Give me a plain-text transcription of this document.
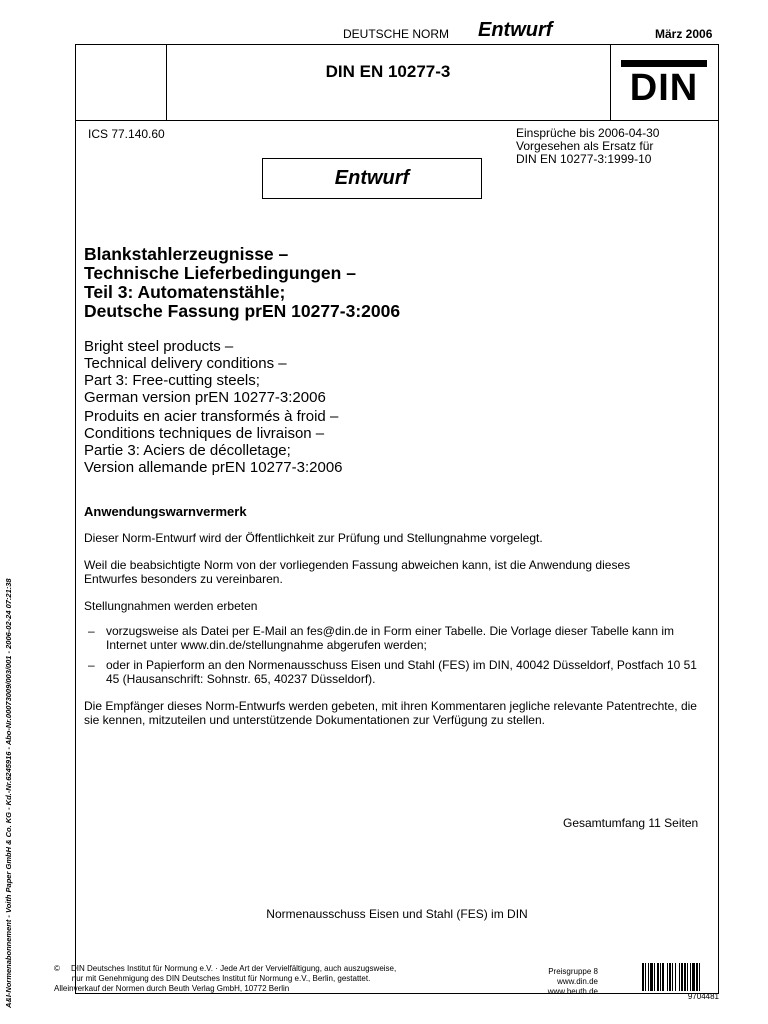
DEUTSCHE NORM Entwurf	März 2006
DIN EN 10277-3	DIN
ICS 77.140.60	Einsprüche bis 2006-04-30
Vorgesehen als Ersatz für
DIN EN 10277-3:1999-10
Entwurf
Blankstahlerzeugnisse –
Technische Lieferbedingungen –
Teil 3: Automatenstähle;
Deutsche Fassung prEN 10277-3:2006
Bright steel products –
Technical delivery conditions –
Part 3: Free-cutting steels;
German version prEN 10277-3:2006
Produits en acier transformés à froid –
Conditions techniques de livraison –
Partie 3: Aciers de décolletage;
Version allemande prEN 10277-3:2006
Anwendungswarnvermerk
Dieser Norm-Entwurf wird der Öffentlichkeit zur Prüfung und Stellungnahme vorgelegt.
Weil die beabsichtigte Norm von der vorliegenden Fassung abweichen kann, ist die Anwendung dieses Entwurfes besonders zu vereinbaren.
Stellungnahmen werden erbeten
– vorzugsweise als Datei per E-Mail an fes@din.de in Form einer Tabelle. Die Vorlage dieser Tabelle kann im Internet unter www.din.de/stellungnahme abgerufen werden;
– oder in Papierform an den Normenausschuss Eisen und Stahl (FES) im DIN, 40042 Düsseldorf, Postfach 10 51 45 (Hausanschrift: Sohnstr. 65, 40237 Düsseldorf).
Die Empfänger dieses Norm-Entwurfs werden gebeten, mit ihren Kommentaren jegliche relevante Patentrechte, die sie kennen, mitzuteilen und unterstützende Dokumentationen zur Verfügung zu stellen.
Gesamtumfang 11 Seiten
Normenausschuss Eisen und Stahl (FES) im DIN
©     DIN Deutsches Institut für Normung e.V. · Jede Art der Vervielfältigung, auch auszugsweise,
nur mit Genehmigung des DIN Deutsches Institut für Normung e.V., Berlin, gestattet.
Alleinverkauf der Normen durch Beuth Verlag GmbH, 10772 Berlin
Preisgruppe 8
www.din.de
www.beuth.de
9704481
A&I-Normenabonnement - Voith Paper GmbH & Co. KG - Kd.-Nr.6245916 - Abo-Nr.00073009/003/001 - 2006-02-24 07:21:38
